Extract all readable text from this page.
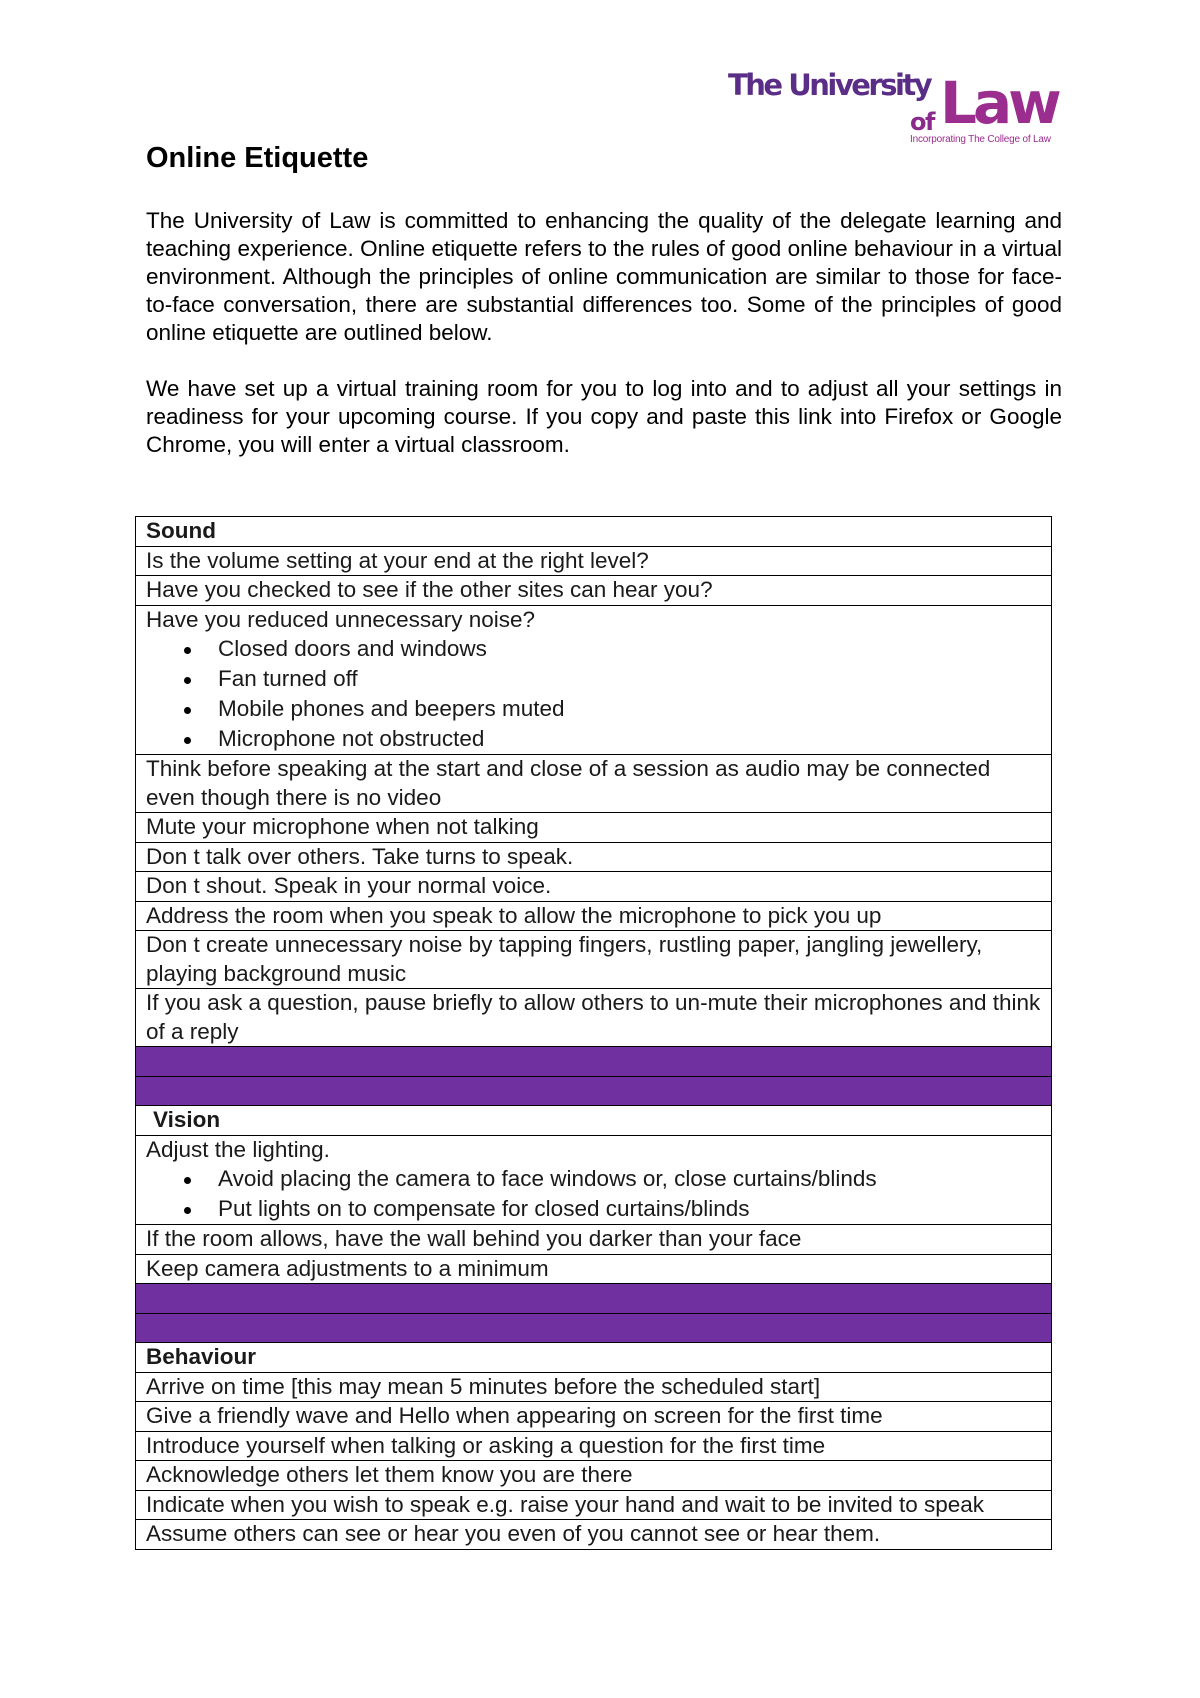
The University
of Law
Incorporating The College of Law
Online Etiquette

The University of Law is committed to enhancing the quality of the delegate learning and teaching experience. Online etiquette refers to the rules of good online behaviour in a virtual environment. Although the principles of online communication are similar to those for face-to-face conversation, there are substantial differences too. Some of the principles of good online etiquette are outlined below.

We have set up a virtual training room for you to log into and to adjust all your settings in readiness for your upcoming course. If you copy and paste this link into Firefox or Google Chrome, you will enter a virtual classroom.

Sound
Is the volume setting at your end at the right level?
Have you checked to see if the other sites can hear you?

Have you reduced unnecessary noise?
Closed doors and windows
Fan turned off
Mobile phones and beepers muted
Microphone not obstructed

Think before speaking at the start and close of a session as audio may be connected even though there is no video
Mute your microphone when not talking
Don t talk over others. Take turns to speak.
Don t shout. Speak in your normal voice.
Address the room when you speak to allow the microphone to pick you up
Don t create unnecessary noise by tapping fingers, rustling paper, jangling jewellery, playing background music
If you ask a question, pause briefly to allow others to un-mute their microphones and think of a reply

Vision

Adjust the lighting.
Avoid placing the camera to face windows or, close curtains/blinds
Put lights on to compensate for closed curtains/blinds

If the room allows, have the wall behind you darker than your face
Keep camera adjustments to a minimum

Behaviour
Arrive on time [this may mean 5 minutes before the scheduled start]
Give a friendly wave and Hello when appearing on screen for the first time
Introduce yourself when talking or asking a question for the first time
Acknowledge others let them know you are there
Indicate when you wish to speak e.g. raise your hand and wait to be invited to speak
Assume others can see or hear you even of you cannot see or hear them.
